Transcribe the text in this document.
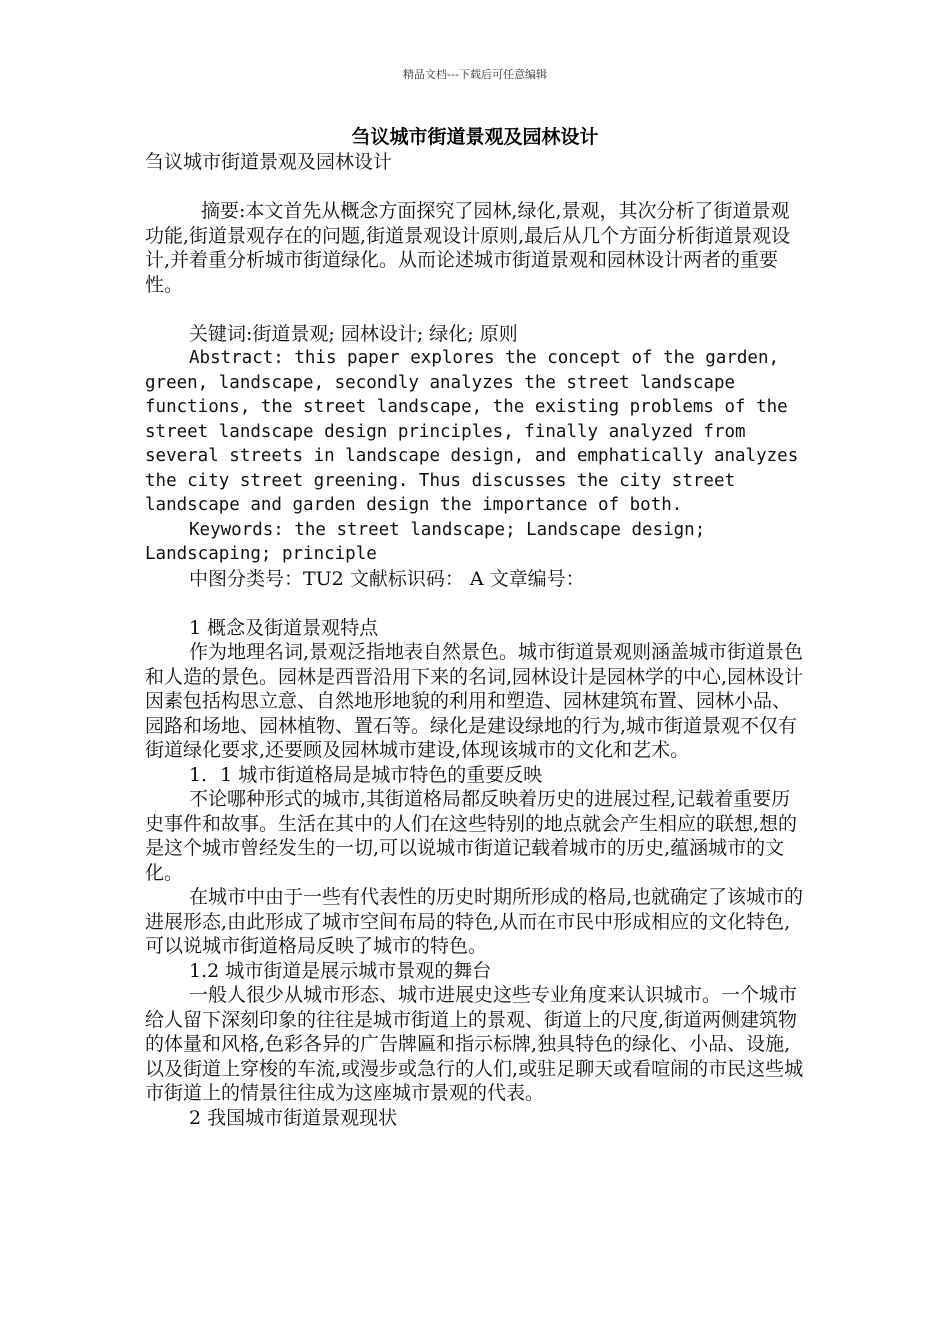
精品文档---下载后可任意编辑
刍议城市街道景观及园林设计

刍议城市街道景观及园林设计

摘要:本文首先从概念方面探究了园林,绿化,景观，其次分析了街道景观功能,街道景观存在的问题,街道景观设计原则,最后从几个方面分析街道景观设计,并着重分析城市街道绿化。从而论述城市街道景观和园林设计两者的重要性。

关键词:街道景观; 园林设计; 绿化; 原则

Abstract: this paper explores the concept of the garden, green, landscape, secondly analyzes the street landscape functions, the street landscape, the existing problems of the street landscape design principles, finally analyzed from several streets in landscape design, and emphatically analyzes the city street greening. Thus discusses the city street landscape and garden design the importance of both.

Keywords: the street landscape; Landscape design; Landscaping; principle

中图分类号：TU2 文献标识码： A 文章编号：

1 概念及街道景观特点

作为地理名词,景观泛指地表自然景色。城市街道景观则涵盖城市街道景色和人造的景色。园林是西晋沿用下来的名词,园林设计是园林学的中心,园林设计因素包括构思立意、自然地形地貌的利用和塑造、园林建筑布置、园林小品、园路和场地、园林植物、置石等。绿化是建设绿地的行为,城市街道景观不仅有街道绿化要求,还要顾及园林城市建设,体现该城市的文化和艺术。

1．1 城市街道格局是城市特色的重要反映

不论哪种形式的城市,其街道格局都反映着历史的进展过程,记载着重要历史事件和故事。生活在其中的人们在这些特别的地点就会产生相应的联想,想的是这个城市曾经发生的一切,可以说城市街道记载着城市的历史,蕴涵城市的文化。

在城市中由于一些有代表性的历史时期所形成的格局,也就确定了该城市的进展形态,由此形成了城市空间布局的特色,从而在市民中形成相应的文化特色,可以说城市街道格局反映了城市的特色。

1.2 城市街道是展示城市景观的舞台

一般人很少从城市形态、城市进展史这些专业角度来认识城市。一个城市给人留下深刻印象的往往是城市街道上的景观、街道上的尺度,街道两侧建筑物的体量和风格,色彩各异的广告牌匾和指示标牌,独具特色的绿化、小品、设施,以及街道上穿梭的车流,或漫步或急行的人们,或驻足聊天或看喧闹的市民这些城市街道上的情景往往成为这座城市景观的代表。

2 我国城市街道景观现状
